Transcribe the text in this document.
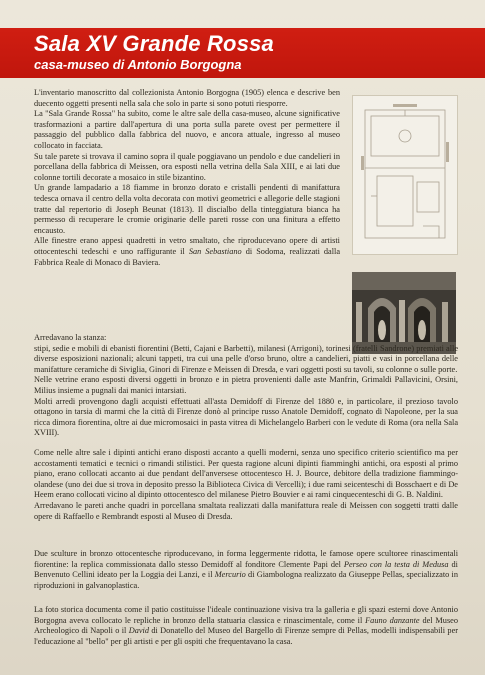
Sala XV Grande Rossa
casa-museo di Antonio Borgogna

L'inventario manoscritto dal collezionista Antonio Borgogna (1905) elenca e descrive ben duecento oggetti presenti nella sala che solo in parte si sono potuti riesporre.

La "Sala Grande Rossa" ha subito, come le altre sale della casa-museo, alcune significative trasformazioni a partire dall'apertura di una porta sulla parete ovest per permettere il passaggio del pubblico dalla fabbrica del nuovo, e ancora attuale, ingresso al museo collocato in facciata.

Su tale parete si trovava il camino sopra il quale poggiavano un pendolo e due candelieri in porcellana della fabbrica di Meissen, ora esposti nella vetrina della Sala XIII, e ai lati due colonne tortili decorate a mosaico in stile bizantino.

Un grande lampadario a 18 fiamme in bronzo dorato e cristalli pendenti di manifattura tedesca ornava il centro della volta decorata con motivi geometrici e allegorie delle stagioni tratte dal repertorio di Joseph Beunat (1813). Il discialbo della tinteggiatura bianca ha permesso di recuperare le cromie originarie delle pareti rosse con una finitura a effetto encausto.

Alle finestre erano appesi quadretti in vetro smaltato, che riproducevano opere di artisti ottocenteschi tedeschi e uno raffigurante il San Sebastiano di Sodoma, realizzati dalla Fabbrica Reale di Monaco di Baviera.

Arredavano la stanza:

stipi, sedie e mobili di ebanisti fiorentini (Betti, Cajani e Barbetti), milanesi (Arrigoni), torinesi (fratelli Sandrone) premiati alle diverse esposizioni nazionali; alcuni tappeti, tra cui una pelle d'orso bruno, oltre a candelieri, piatti e vasi in porcellana delle manifatture ceramiche di Siviglia, Ginori di Firenze e Meissen di Dresda, e vari oggetti posti su tavoli, su colonne o sulle porte.

Nelle vetrine erano esposti diversi oggetti in bronzo e in pietra provenienti dalle aste Manfrin, Grimaldi Pallavicini, Orsini, Milius insieme a pugnali dai manici intarsiati.

Molti arredi provengono dagli acquisti effettuati all'asta Demidoff di Firenze del 1880 e, in particolare, il prezioso tavolo ottagono in tarsia di marmi che la città di Firenze donò al principe russo Anatole Demidoff, cognato di Napoleone, per la sua ricca dimora fiorentina, oltre ai due micromosaici in pasta vitrea di Michelangelo Barberi con le vedute di Roma (ora nella Sala XVIII).

Come nelle altre sale i dipinti antichi erano disposti accanto a quelli moderni, senza uno specifico criterio scientifico ma per accostamenti tematici e tecnici o rimandi stilistici. Per questa ragione alcuni dipinti fiamminghi antichi, ora esposti al primo piano, erano collocati accanto ai due pendant dell'anversese ottocentesco H. J. Bource, debitore della tradizione fiammingo-olandese (uno dei due si trova in deposito presso la Biblioteca Civica di Vercelli); i due rami seicenteschi di Bosschaert e di De Heem erano collocati vicino al dipinto ottocentesco del milanese Pietro Bouvier e ai rami cinquecenteschi di G. B. Naldini.

Arredavano le pareti anche quadri in porcellana smaltata realizzati dalla manifattura reale di Meissen con soggetti tratti dalle opere di Raffaello e Rembrandt esposti al Museo di Dresda.

Due sculture in bronzo ottocentesche riproducevano, in forma leggermente ridotta, le famose opere scultoree rinascimentali fiorentine: la replica commissionata dallo stesso Demidoff al fonditore Clemente Papi del Perseo con la testa di Medusa di Benvenuto Cellini ideato per la Loggia dei Lanzi, e il Mercurio di Giambologna realizzato da Giuseppe Pellas, specializzato in riproduzioni in galvanoplastica.

La foto storica documenta come il patio costituisse l'ideale continuazione visiva tra la galleria e gli spazi esterni dove Antonio Borgogna aveva collocato le repliche in bronzo della statuaria classica e rinascimentale, come il Fauno danzante del Museo Archeologico di Napoli o il David di Donatello del Museo del Bargello di Firenze sempre di Pellas, modelli indispensabili per l'educazione al "bello" per gli artisti e per gli ospiti che frequentavano la casa.
